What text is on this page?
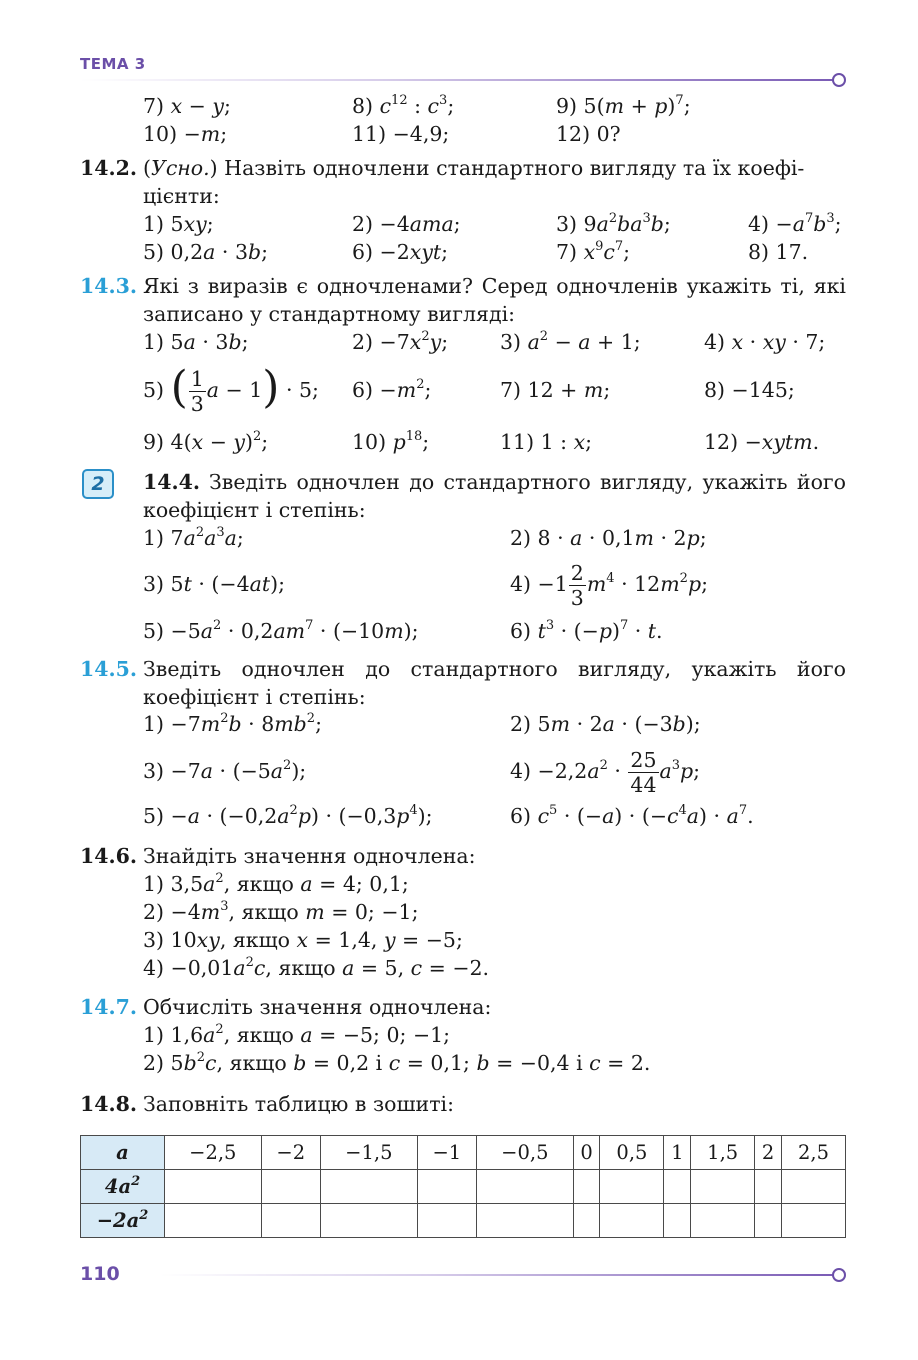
ТЕМА 3
7) x − y;	8) $c^{12}$ : $c^3$;	9) $5(m + p)^7$;
10) −m;	11) −4,9;	12) 0?
14.2. (Усно.) Назвіть одночлени стандартного вигляду та їх коефі-
цієнти:
1) 5xy;	2) −4ama;	3) $9a^2ba^3b$;	$4) -a^7b^3$;
5) 0,2a · 3b;	6) −2xyt;	7) $x^9c^7$;	8) 17.
14.3. Які з виразів є одночленами? Серед одночленів укажіть ті, які записано у стандартному вигляді:
1) 5a · 3b;	$2) -7x^2y$;	3) $a^2 - a + 1$;	4) x · xy · 7;
5) ( $\frac{1}{3}$ a − 1) · 5; $6) -m^2$;	7) 12 + m;	8) −145;
9) $4(x - y)^2$;	10) $p^{18}$;	11) 1 : x;	12) −xytm.
2	14.4. Зведіть одночлен до стандартного вигляду, укажіть його коефіцієнт і степінь:
1) $7a^2a^3a$;	2) 8 · a · 0,1m · 2p;
3) 5t · (−4at);	$4) -1 \frac{2}{3} m^4 \cdot 12m^2p$;
$5) -5a^2 \cdot 0,2am^7 \cdot (-10m)$;	6) $t^3 \cdot (-p)^7 \cdot t$.
14.5. Зведіть одночлен до стандартного вигляду, укажіть його коефіцієнт і степінь:
$1) -7m^2b \cdot 8mb^2$;	2) 5m · 2a · (−3b);
$3) -7a \cdot (-5a^2)$;	$4) -2,2a^2 \cdot \frac{25}{44} a^3p$;
$5) -a \cdot (-0,2a^2p) \cdot (-0,3p^4)$;	6) $c^5 \cdot (-a) \cdot (-c^4a) \cdot a^7$.
14.6. Знайдіть значення одночлена:
1) $3,5a^2$, якщо a = 4; 0,1;
$2) -4m^3$, якщо m = 0; −1;
3) 10xy, якщо x = 1,4, y = −5;
$4) -0,01a^2c$, якщо a = 5, c = −2.
14.7. Обчисліть значення одночлена:
1) $1,6a^2$, якщо a = −5; 0; −1;
2) $5b^2c$, якщо b = 0,2 і c = 0,1; b = −0,4 і c = 2.
14.8. Заповніть таблицю в зошиті:
a	−2,5	−2	−1,5	−1	−0,5	0	0,5	1	1,5	2	2,5
$4a^2$											
$-2a^2$											
110
